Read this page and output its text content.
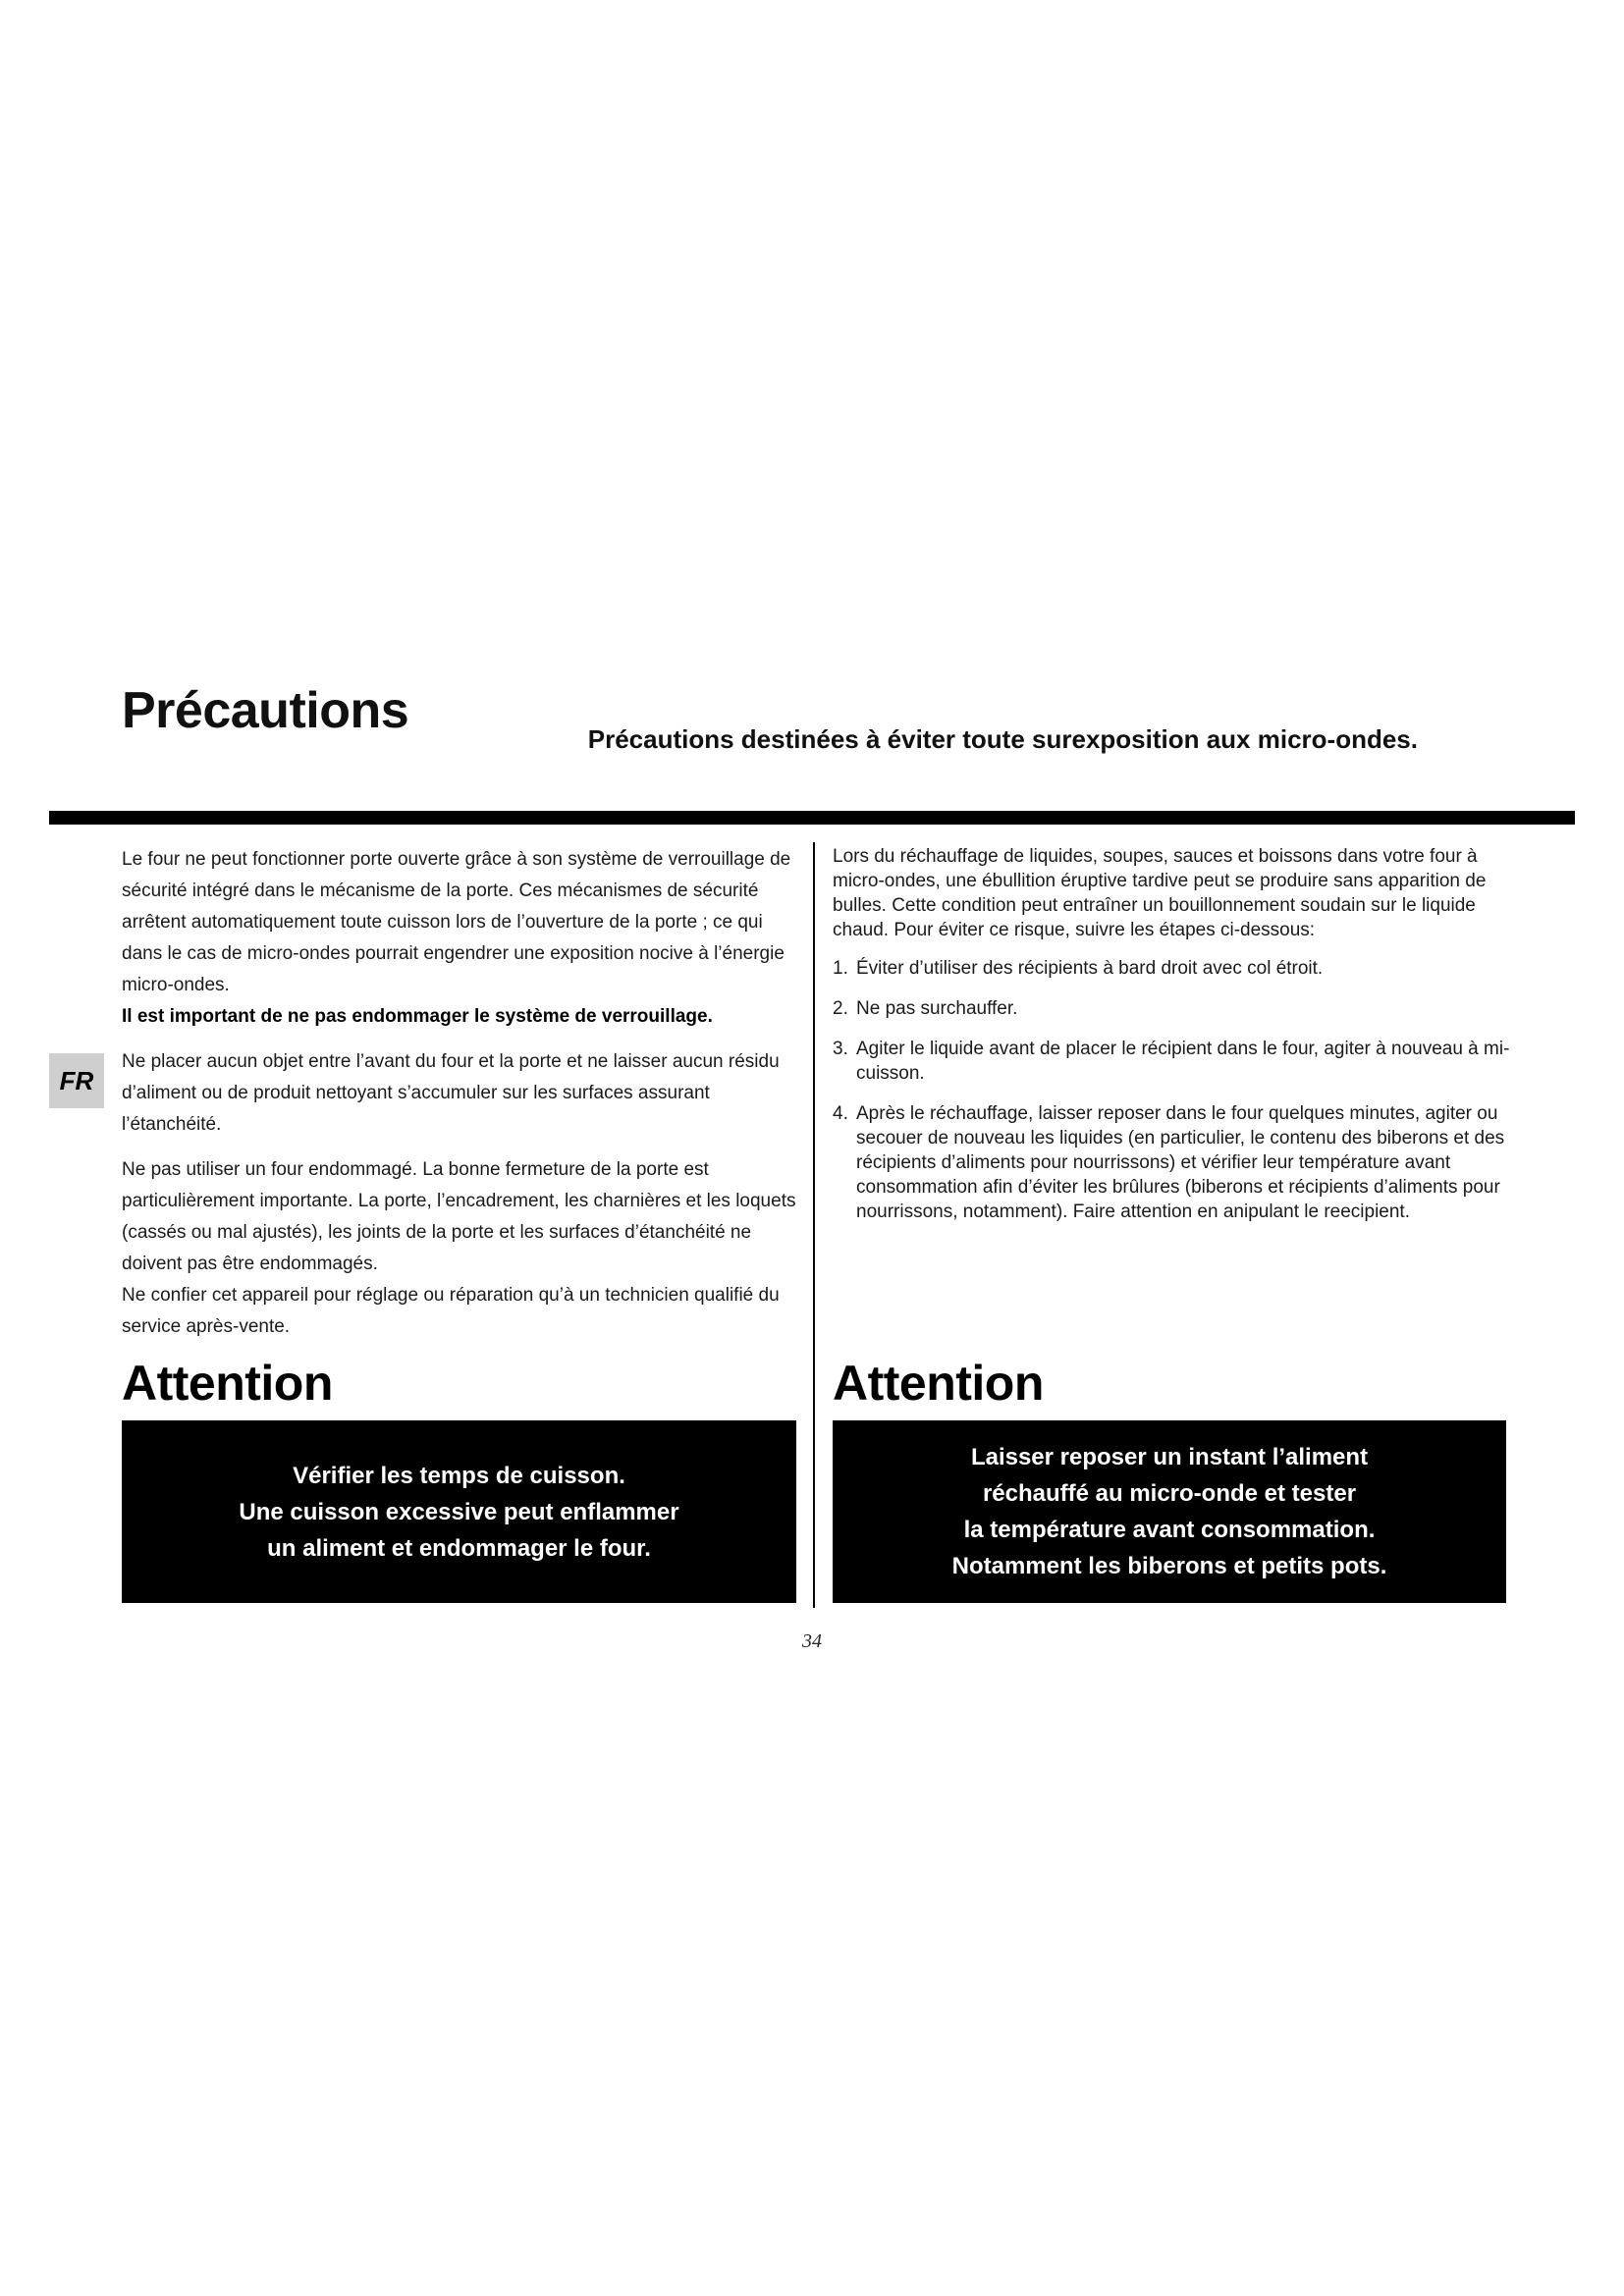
Précautions	Précautions destinées à éviter toute surexposition aux micro-ondes.
FR

Le four ne peut fonctionner porte ouverte grâce à son système de verrouillage de sécurité intégré dans le mécanisme de la porte. Ces mécanismes de sécurité arrêtent automatiquement toute cuisson lors de l’ouverture de la porte ; ce qui dans le cas de micro-ondes pourrait engendrer une exposition nocive à l’énergie micro-ondes.

Il est important de ne pas endommager le système de verrouillage.

Ne placer aucun objet entre l’avant du four et la porte et ne laisser aucun résidu d’aliment ou de produit nettoyant s’accumuler sur les surfaces assurant l’étanchéité.

Ne pas utiliser un four endommagé. La bonne fermeture de la porte est particulièrement importante. La porte, l’encadrement, les charnières et les loquets (cassés ou mal ajustés), les joints de la porte et les surfaces d’étanchéité ne doivent pas être endommagés.

Ne confier cet appareil pour réglage ou réparation qu’à un technicien qualifié du service après-vente.

Lors du réchauffage de liquides, soupes, sauces et boissons dans votre four à micro-ondes, une ébullition éruptive tardive peut se produire sans apparition de bulles. Cette condition peut entraîner un bouillonnement soudain sur le liquide chaud. Pour éviter ce risque, suivre les étapes ci-dessous:

1. Éviter d’utiliser des récipients à bard droit avec col étroit.
2. Ne pas surchauffer.
3. Agiter le liquide avant de placer le récipient dans le four, agiter à nouveau à mi-cuisson.
4. Après le réchauffage, laisser reposer dans le four quelques minutes, agiter ou secouer de nouveau les liquides (en particulier, le contenu des biberons et des récipients d’aliments pour nourrissons) et vérifier leur température avant consommation afin d’éviter les brûlures (biberons et récipients d’aliments pour nourrissons, notamment). Faire attention en anipulant le reecipient.
Attention
Vérifier les temps de cuisson.
Une cuisson excessive peut enflammer
un aliment et endommager le four.
Attention
Laisser reposer un instant l’aliment
réchauffé au micro-onde et tester
la température avant consommation.
Notamment les biberons et petits pots.
34
